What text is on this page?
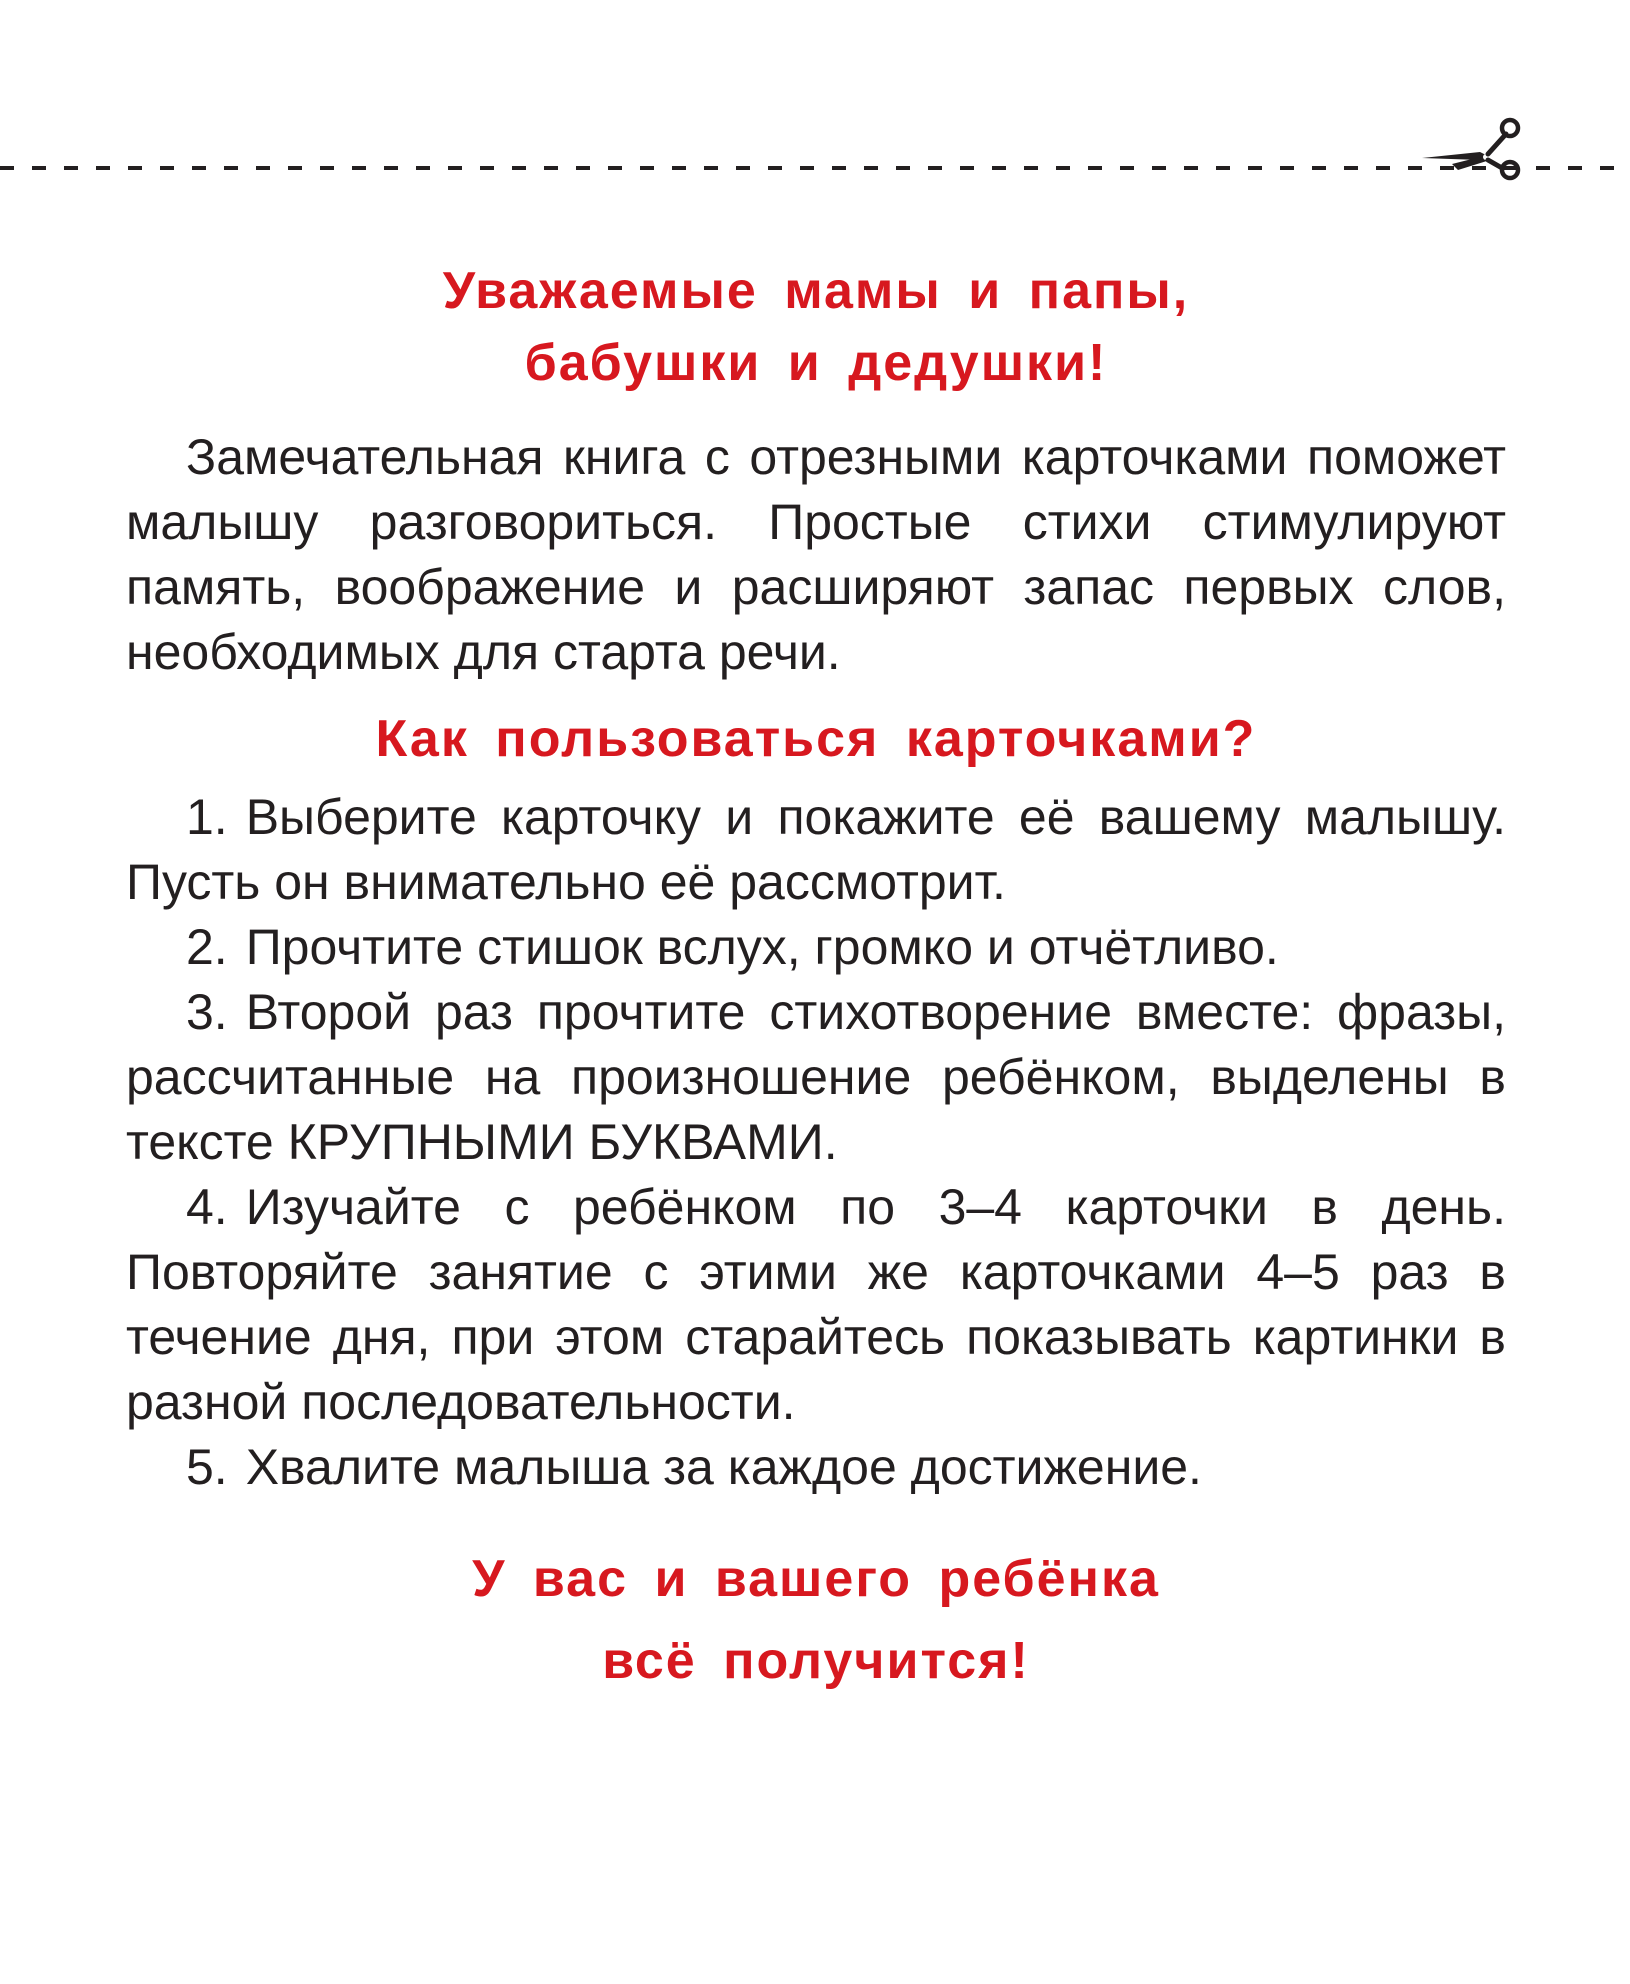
Уважаемые мамы и папы,
бабушки и дедушки!

Замечательная книга с отрезными карточками поможет малышу разговориться. Простые стихи стимулируют память, воображение и расширяют запас первых слов, необходимых для старта речи.

Как пользоваться карточками?
1. Выберите карточку и покажите её вашему малышу. Пусть он внимательно её рассмотрит.
2. Прочтите стишок вслух, громко и отчётливо.
3. Второй раз прочтите стихотворение вместе: фразы, рассчитанные на произношение ребёнком, выделены в тексте КРУПНЫМИ БУКВАМИ.
4. Изучайте с ребёнком по 3–4 карточки в день. Повторяйте занятие с этими же карточками 4–5 раз в течение дня, при этом старайтесь показывать картинки в разной последовательности.
5. Хвалите малыша за каждое достижение.
У вас и вашего ребёнка
всё получится!
